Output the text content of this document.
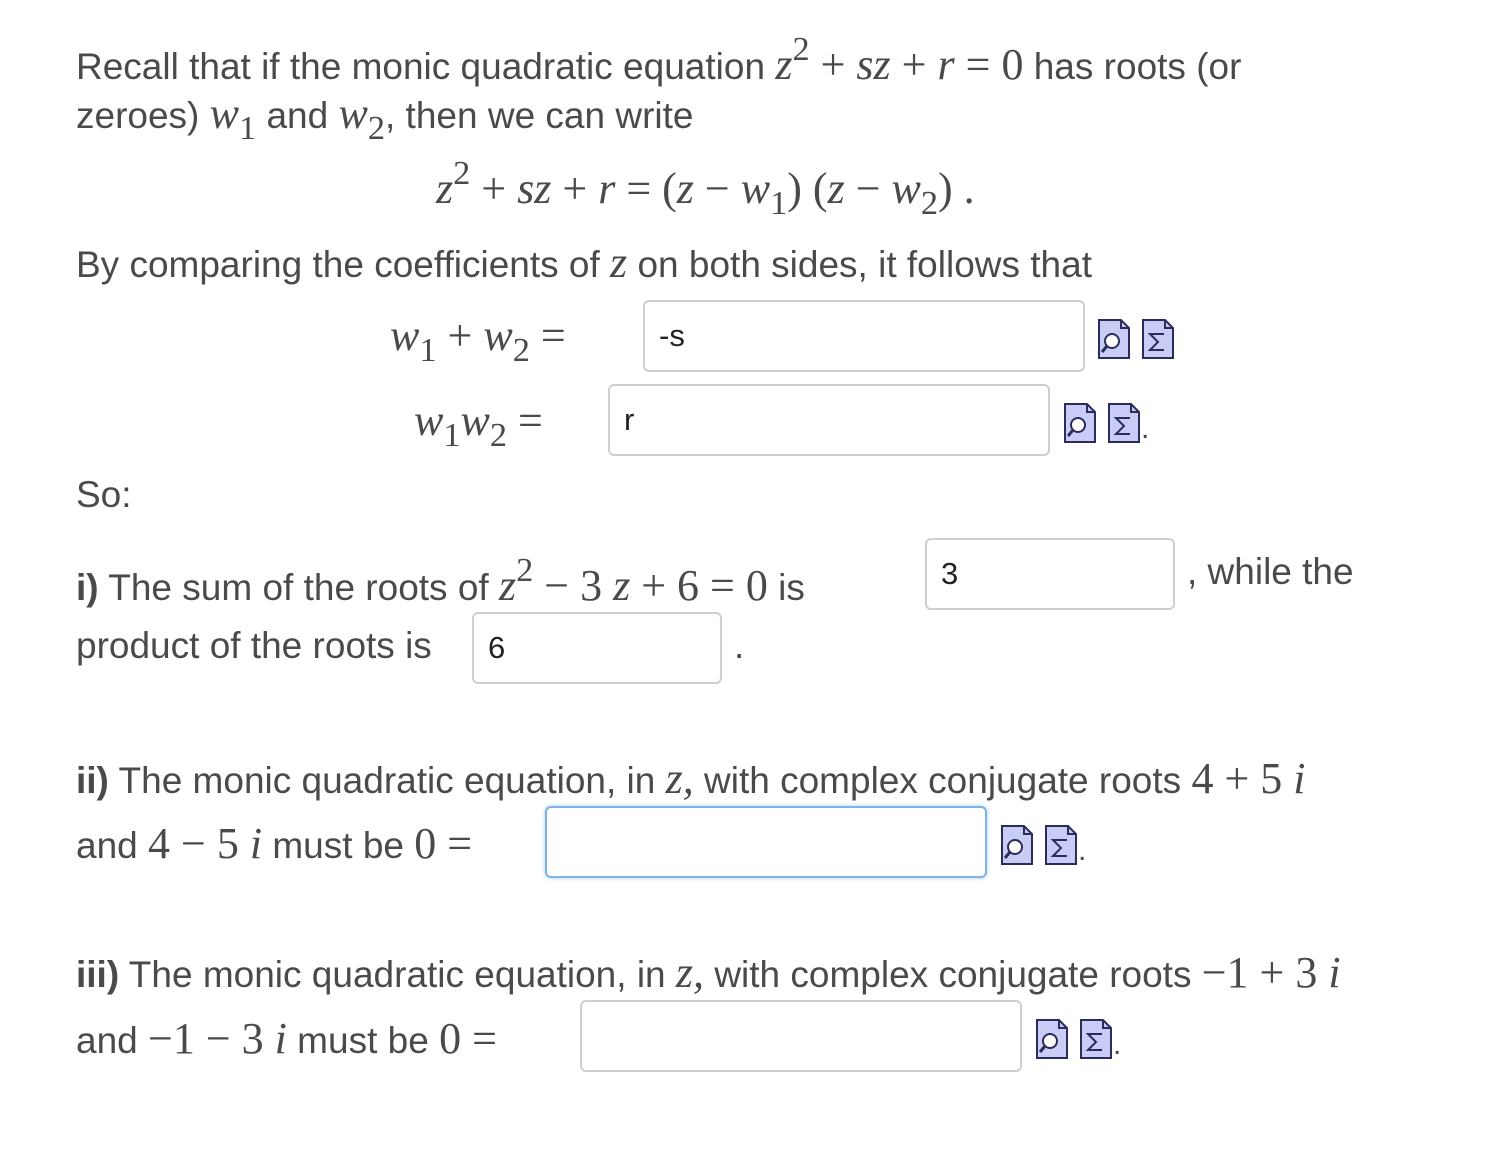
Recall that if the monic quadratic equation $z^2$ + sz + r = 0 has roots (or
zeroes) $w_1$ and $w_2$, then we can write
$z^2$ + sz + $r = (z - w_1)$ $(z - w_2)$ .
By comparing the coefficients of z on both sides, it follows that
$w_1 + w_2$ =
-s
$w_1w_2$ =
r	.
So:
i) The sum of the roots of $z^2 - 3$ z + 6 = 0 is
3	, while the
product of the roots is
6	.
ii) The monic quadratic equation, in z, with complex conjugate roots 4 + 5 i
and 4 − 5 i must be 0 =	.
iii) The monic quadratic equation, in z, with complex conjugate roots −1 + 3 i
and −1 − 3 i must be 0 =	.
